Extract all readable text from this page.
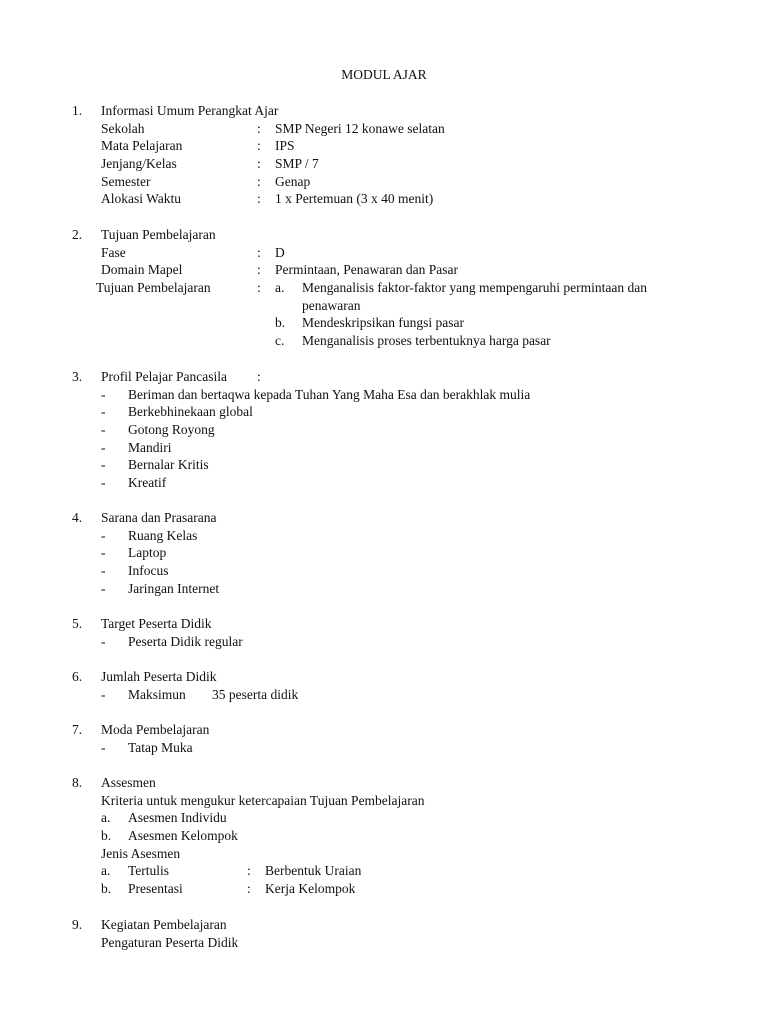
MODUL AJAR
1. Informasi Umum Perangkat Ajar
Sekolah	: SMP Negeri 12 konawe selatan
Mata Pelajaran	: IPS
Jenjang/Kelas	: SMP / 7
Semester	: Genap
Alokasi Waktu	: 1 x Pertemuan (3 x 40 menit)
2. Tujuan Pembelajaran
Fase	: D
Domain Mapel	: Permintaan, Penawaran dan Pasar
Tujuan Pembelajaran	: a. Menganalisis faktor-faktor yang mempengaruhi permintaan dan
penawaran
b. Mendeskripsikan fungsi pasar
c. Menganalisis proses terbentuknya harga pasar
3. Profil Pelajar Pancasila :
- Beriman dan bertaqwa kepada Tuhan Yang Maha Esa dan berakhlak mulia
- Berkebhinekaan global
- Gotong Royong
- Mandiri
- Bernalar Kritis
- Kreatif
4. Sarana dan Prasarana
- Ruang Kelas
- Laptop
- Infocus
- Jaringan Internet
5. Target Peserta Didik
- Peserta Didik regular
6. Jumlah Peserta Didik
- Maksimun 35 peserta didik
7. Moda Pembelajaran
- Tatap Muka
8. Assesmen
Kriteria untuk mengukur ketercapaian Tujuan Pembelajaran
a. Asesmen Individu
b. Asesmen Kelompok
Jenis Asesmen
a. Tertulis	: Berbentuk Uraian
b. Presentasi	: Kerja Kelompok
9. Kegiatan Pembelajaran
Pengaturan Peserta Didik
